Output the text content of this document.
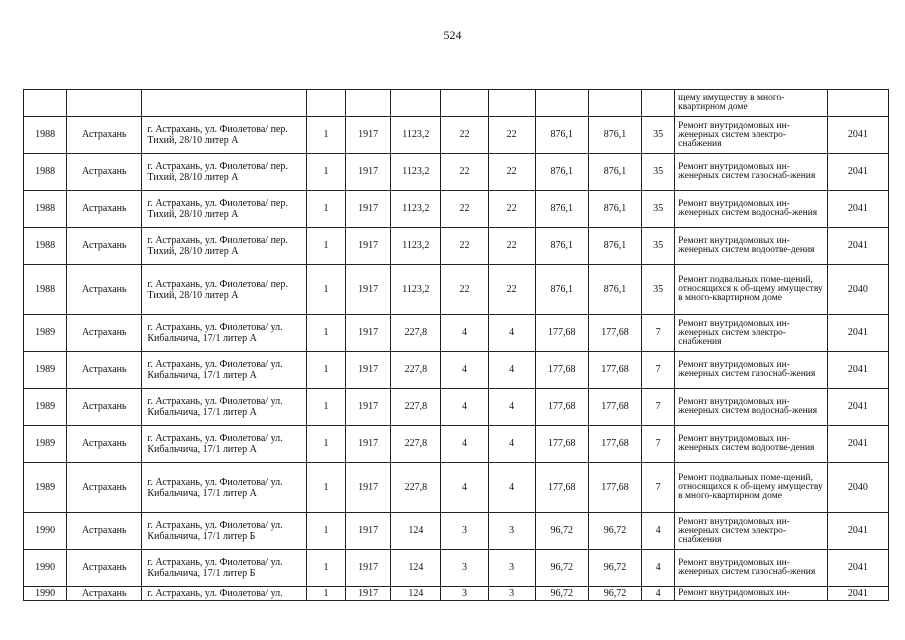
524
											щему имуществу в много-квартирном доме	
1988	Астрахань	г. Астрахань, ул. Фиолетова/ пер. Тихий, 28/10 литер А	1	1917	1123,2	22	22	876,1	876,1	35	Ремонт внутридомовых ин-женерных систем электро-снабжения	2041
1988	Астрахань	г. Астрахань, ул. Фиолетова/ пер. Тихий, 28/10 литер А	1	1917	1123,2	22	22	876,1	876,1	35	Ремонт внутридомовых ин-женерных систем газоснаб-жения	2041
1988	Астрахань	г. Астрахань, ул. Фиолетова/ пер. Тихий, 28/10 литер А	1	1917	1123,2	22	22	876,1	876,1	35	Ремонт внутридомовых ин-женерных систем водоснаб-жения	2041
1988	Астрахань	г. Астрахань, ул. Фиолетова/ пер. Тихий, 28/10 литер А	1	1917	1123,2	22	22	876,1	876,1	35	Ремонт внутридомовых ин-женерных систем водоотве-дения	2041
1988	Астрахань	г. Астрахань, ул. Фиолетова/ пер. Тихий, 28/10 литер А	1	1917	1123,2	22	22	876,1	876,1	35	Ремонт подвальных поме-щений, относящихся к об-щему имуществу в много-квартирном доме	2040
1989	Астрахань	г. Астрахань, ул. Фиолетова/ ул. Кибальчича, 17/1 литер А	1	1917	227,8	4	4	177,68	177,68	7	Ремонт внутридомовых ин-женерных систем электро-снабжения	2041
1989	Астрахань	г. Астрахань, ул. Фиолетова/ ул. Кибальчича, 17/1 литер А	1	1917	227,8	4	4	177,68	177,68	7	Ремонт внутридомовых ин-женерных систем газоснаб-жения	2041
1989	Астрахань	г. Астрахань, ул. Фиолетова/ ул. Кибальчича, 17/1 литер А	1	1917	227,8	4	4	177,68	177,68	7	Ремонт внутридомовых ин-женерных систем водоснаб-жения	2041
1989	Астрахань	г. Астрахань, ул. Фиолетова/ ул. Кибальчича, 17/1 литер А	1	1917	227,8	4	4	177,68	177,68	7	Ремонт внутридомовых ин-женерных систем водоотве-дения	2041
1989	Астрахань	г. Астрахань, ул. Фиолетова/ ул. Кибальчича, 17/1 литер А	1	1917	227,8	4	4	177,68	177,68	7	Ремонт подвальных поме-щений, относящихся к об-щему имуществу в много-квартирном доме	2040
1990	Астрахань	г. Астрахань, ул. Фиолетова/ ул. Кибальчича, 17/1 литер Б	1	1917	124	3	3	96,72	96,72	4	Ремонт внутридомовых ин-женерных систем электро-снабжения	2041
1990	Астрахань	г. Астрахань, ул. Фиолетова/ ул. Кибальчича, 17/1 литер Б	1	1917	124	3	3	96,72	96,72	4	Ремонт внутридомовых ин-женерных систем газоснаб-жения	2041
1990	Астрахань	г. Астрахань, ул. Фиолетова/ ул.	1	1917	124	3	3	96,72	96,72	4	Ремонт внутридомовых ин-	2041
